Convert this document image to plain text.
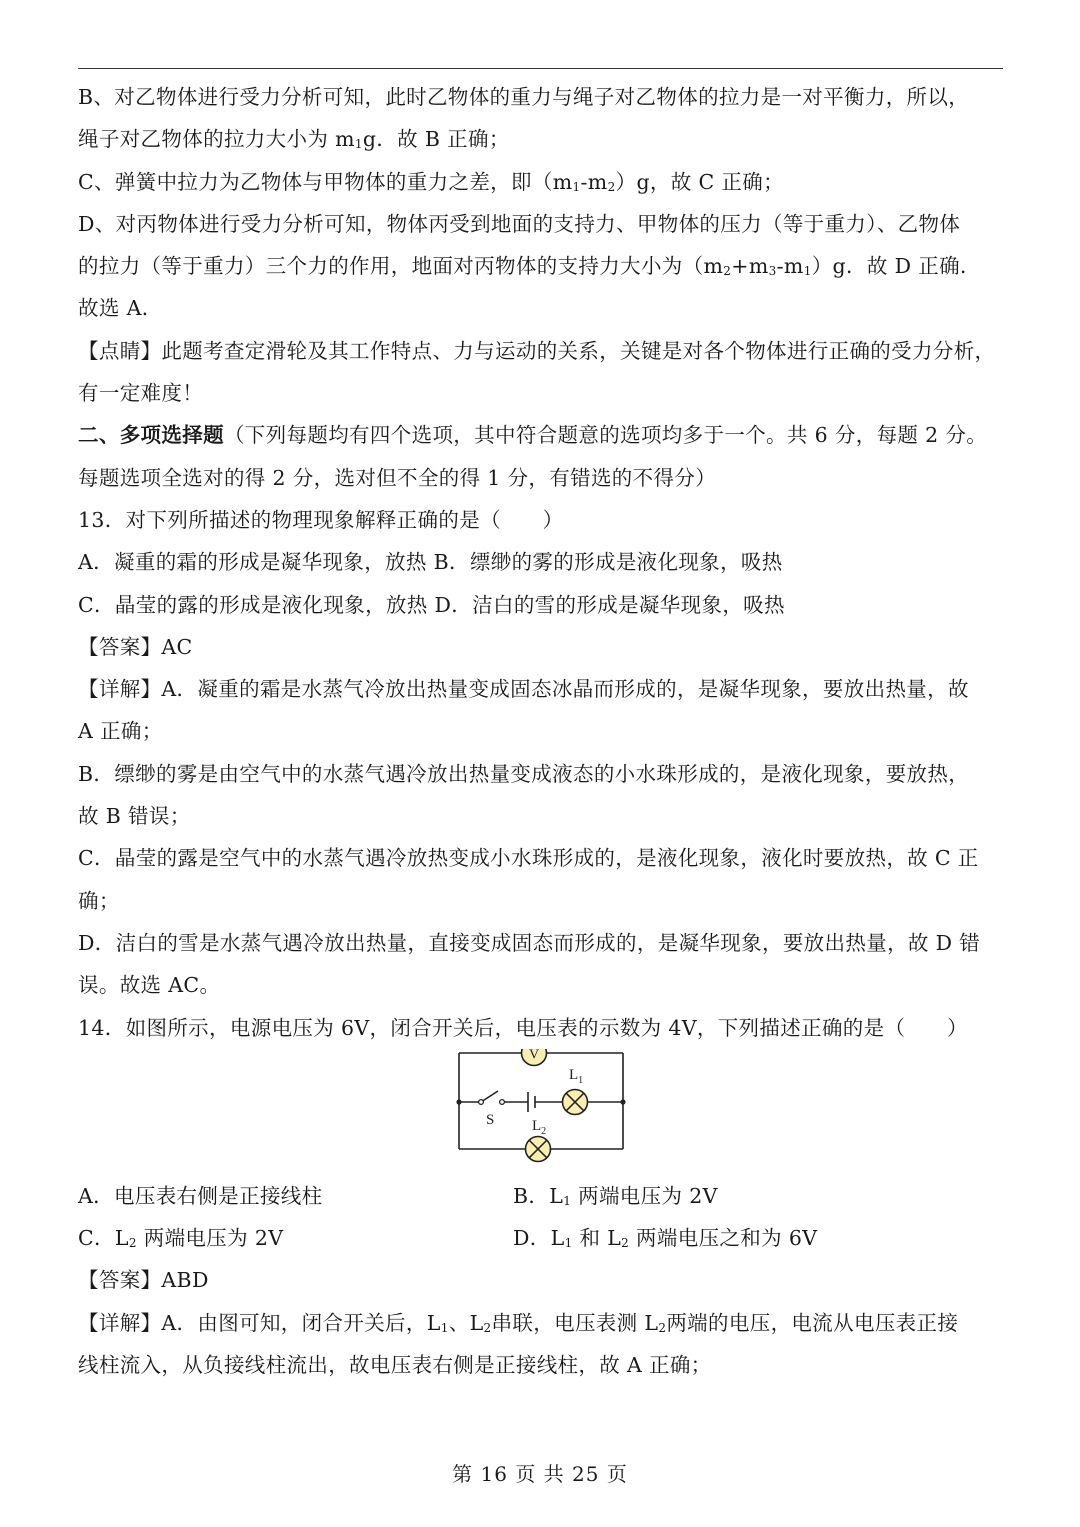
B、对乙物体进行受力分析可知，此时乙物体的重力与绳子对乙物体的拉力是一对平衡力，所以，
绳子对乙物体的拉力大小为 $m_1g$．故 B 正确；
C、弹簧中拉力为乙物体与甲物体的重力之差，即$(m_1-m_2)g$，故 C 正确；
D、对丙物体进行受力分析可知，物体丙受到地面的支持力、甲物体的压力（等于重力）、乙物体
的拉力（等于重力）三个力的作用，地面对丙物体的支持力大小为$(m_2+m_3-m_1)g$．故 D 正确．
故选 A．
【点睛】此题考查定滑轮及其工作特点、力与运动的关系，关键是对各个物体进行正确的受力分析，
有一定难度！
二、多项选择题（下列每题均有四个选项，其中符合题意的选项均多于一个。共 6 分，每题 2 分。
每题选项全选对的得 2 分，选对但不全的得 1 分，有错选的不得分）
13．对下列所描述的物理现象解释正确的是（　　）
A．凝重的霜的形成是凝华现象，放热 B．缥缈的雾的形成是液化现象，吸热
C．晶莹的露的形成是液化现象，放热 D．洁白的雪的形成是凝华现象，吸热
【答案】AC
【详解】A．凝重的霜是水蒸气冷放出热量变成固态冰晶而形成的，是凝华现象，要放出热量，故
A 正确；
B．缥缈的雾是由空气中的水蒸气遇冷放出热量变成液态的小水珠形成的，是液化现象，要放热，
故 B 错误；
C．晶莹的露是空气中的水蒸气遇冷放热变成小水珠形成的，是液化现象，液化时要放热，故 C 正
确；
D．洁白的雪是水蒸气遇冷放出热量，直接变成固态而形成的，是凝华现象，要放出热量，故 D 错
误。故选 AC。
14．如图所示，电源电压为 6V，闭合开关后，电压表的示数为 4V，下列描述正确的是（　　）
V
$L_1$
$L_2$
S
A．电压表右侧是正接线柱	B．$L_1$ 两端电压为 2V
C．$L_2$ 两端电压为 2V	D．$L_1$ 和 $L_2$ 两端电压之和为 6V
【答案】ABD
【详解】A．由图可知，闭合开关后，$L_1$、$L_2$串联，电压表测 $L_2$两端的电压，电流从电压表正接
线柱流入，从负接线柱流出，故电压表右侧是正接线柱，故 A 正确；
第 16 页 共 25 页
